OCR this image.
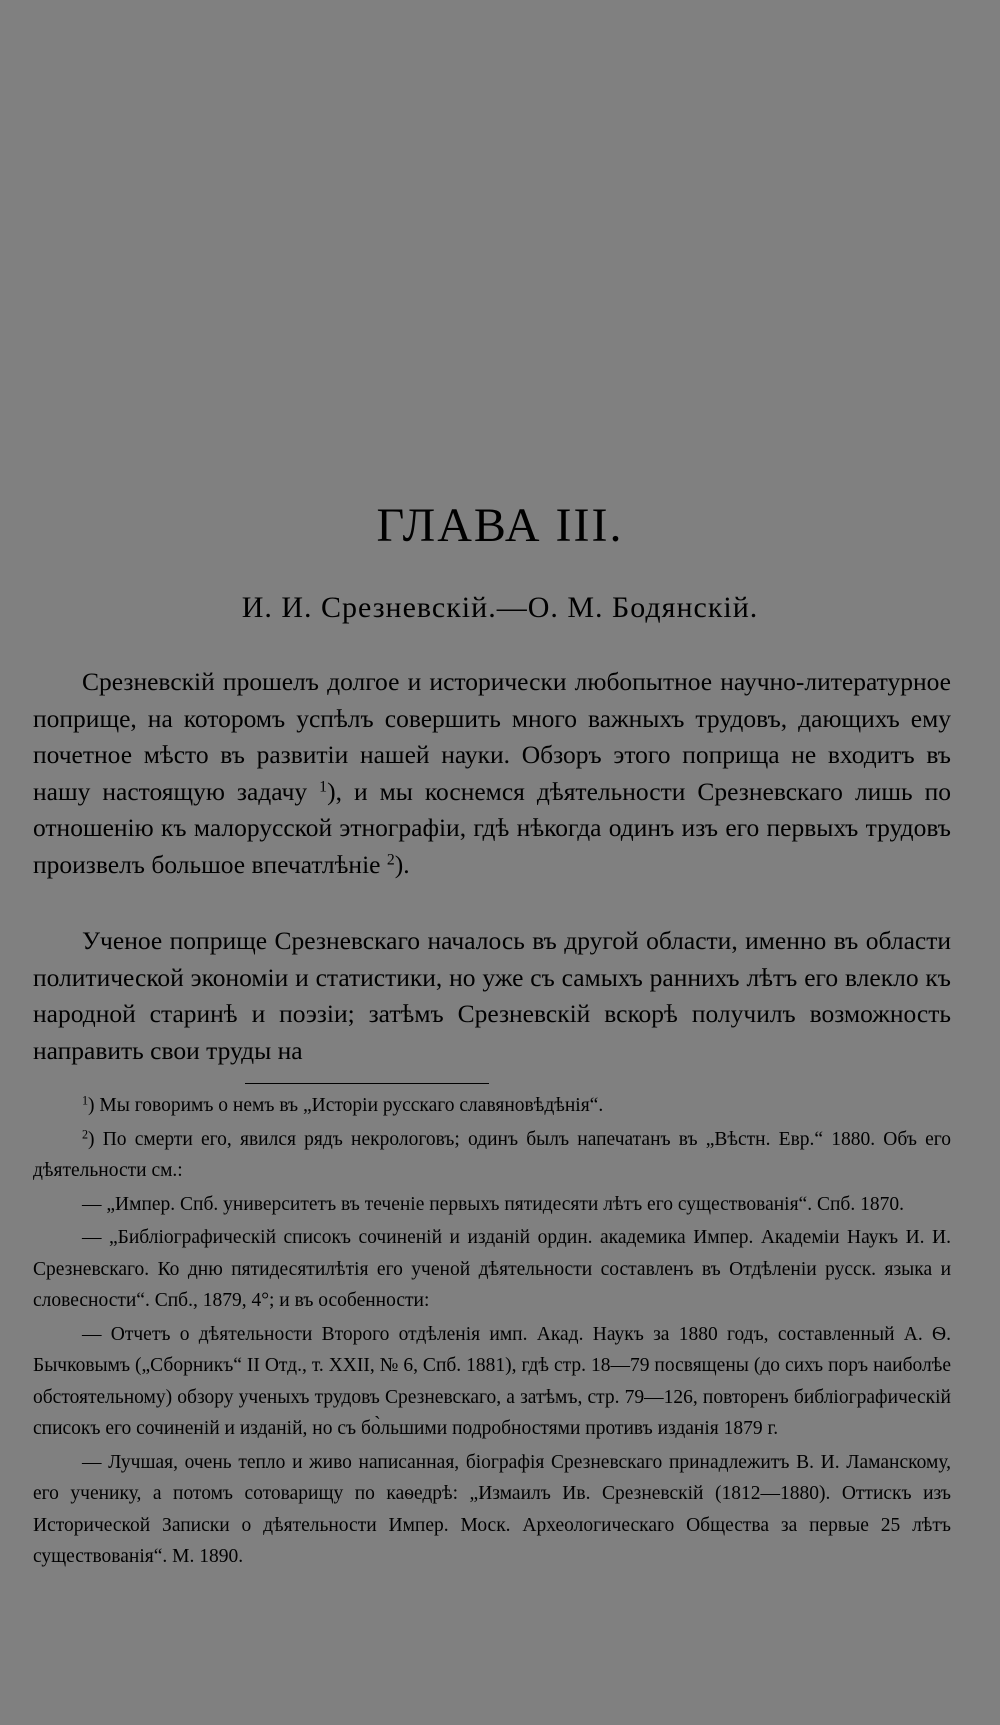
ГЛАВА III.
И. И. Срезневскій.—О. М. Бодянскій.

Срезневскій прошелъ долгое и исторически любопытное научно-литературное поприще, на которомъ успѣлъ совершить много важныхъ трудовъ, дающихъ ему почетное мѣсто въ развитіи нашей науки. Обзоръ этого поприща не входитъ въ нашу настоящую задачу $^1$), и мы коснемся дѣятельности Срезневскаго лишь по отношенію къ малорусской этнографіи, гдѣ нѣкогда одинъ изъ его первыхъ трудовъ произвелъ большое впечатлѣніе $^2$).

Ученое поприще Срезневскаго началось въ другой области, именно въ области политической экономіи и статистики, но уже съ самыхъ раннихъ лѣтъ его влекло къ народной старинѣ и поэзіи; затѣмъ Срезневскій вскорѣ получилъ возможность направить свои труды на

$^1$) Мы говоримъ о немъ въ „Исторіи русскаго славяновѣдѣнія“.

$^2$) По смерти его, явился рядъ некрологовъ; одинъ былъ напечатанъ въ „Вѣстн. Евр.“ 1880. Объ его дѣятельности см.:

— „Импер. Спб. университетъ въ теченіе первыхъ пятидесяти лѣтъ его существованія“. Спб. 1870.

— „Библіографическій списокъ сочиненій и изданій ордин. академика Импер. Академіи Наукъ И. И. Срезневскаго. Ко дню пятидесятилѣтія его ученой дѣятельности составленъ въ Отдѣленіи русск. языка и словесности“. Спб., 1879, 4°; и въ особенности:

— Отчетъ о дѣятельности Второго отдѣленія имп. Акад. Наукъ за 1880 годъ, составленный А. Ѳ. Бычковымъ („Сборникъ“ II Отд., т. XXII, № 6, Спб. 1881), гдѣ стр. 18—79 посвящены (до сихъ поръ наиболѣе обстоятельному) обзору ученыхъ трудовъ Срезневскаго, а затѣмъ, стр. 79—126, повторенъ библіографическій списокъ его сочиненій и изданій, но съ бо̀льшими подробностями противъ изданія 1879 г.

— Лучшая, очень тепло и живо написанная, біографія Срезневскаго принадлежитъ В. И. Ламанскому, его ученику, а потомъ сотоварищу по каѳедрѣ: „Измаилъ Ив. Срезневскій (1812—1880). Оттискъ изъ Исторической Записки о дѣятельности Импер. Моск. Археологическаго Общества за первые 25 лѣтъ существованія“. М. 1890.
